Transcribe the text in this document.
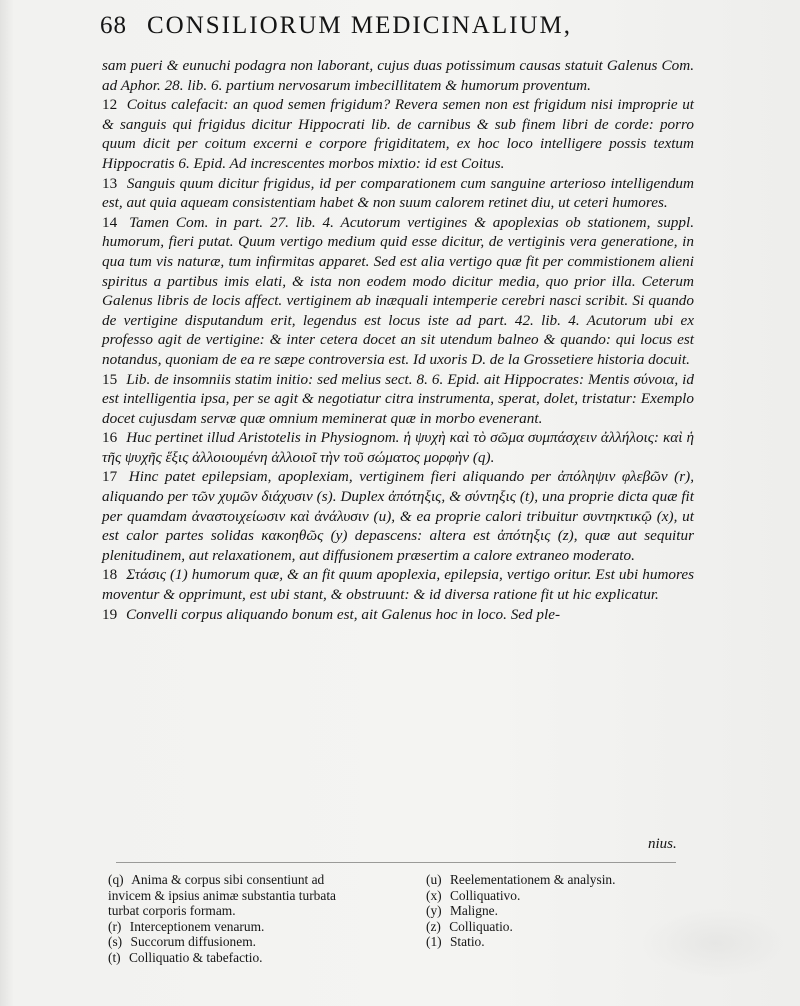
68 CONSILIORUM MEDICINALIUM,

sam pueri & eunuchi podagra non laborant, cujus duas potissimum causas statuit Galenus Com. ad Aphor. 28. lib. 6. partium nervosarum imbecillitatem & humorum proventum.

12 Coitus calefacit: an quod semen frigidum? Revera semen non est frigidum nisi improprie ut & sanguis qui frigidus dicitur Hippocrati lib. de carnibus & sub finem libri de corde: porro quum dicit per coitum excerni e corpore frigiditatem, ex hoc loco intelligere possis textum Hippocratis 6. Epid. Ad increscentes morbos mixtio: id est Coitus.

13 Sanguis quum dicitur frigidus, id per comparationem cum sanguine arterioso intelligendum est, aut quia aqueam consistentiam habet & non suum calorem retinet diu, ut ceteri humores.

14 Tamen Com. in part. 27. lib. 4. Acutorum vertigines & apoplexias ob stationem, suppl. humorum, fieri putat. Quum vertigo medium quid esse dicitur, de vertiginis vera generatione, in qua tum vis naturæ, tum infirmitas apparet. Sed est alia vertigo quæ fit per commistionem alieni spiritus a partibus imis elati, & ista non eodem modo dicitur media, quo prior illa. Ceterum Galenus libris de locis affect. vertiginem ab inæquali intemperie cerebri nasci scribit. Si quando de vertigine disputandum erit, legendus est locus iste ad part. 42. lib. 4. Acutorum ubi ex professo agit de vertigine: & inter cetera docet an sit utendum balneo & quando: qui locus est notandus, quoniam de ea re sæpe controversia est. Id uxoris D. de la Grossetiere historia docuit.

15 Lib. de insomniis statim initio: sed melius sect. 8. 6. Epid. ait Hippocrates: Mentis σύνοια, id est intelligentia ipsa, per se agit & negotiatur citra instrumenta, sperat, dolet, tristatur: Exemplo docet cujusdam servæ quæ omnium meminerat quæ in morbo evenerant.

16 Huc pertinet illud Aristotelis in Physiognom. ἡ ψυχὴ καὶ τὸ σῶμα συμπάσχειν ἀλλήλοις: καὶ ἡ τῆς ψυχῆς ἕξις ἀλλοιουμένη ἀλλοιοῖ τὴν τοῦ σώματος μορφὴν (q).

17 Hinc patet epilepsiam, apoplexiam, vertiginem fieri aliquando per ἀπόληψιν φλεβῶν (r), aliquando per τῶν χυμῶν διάχυσιν (s). Duplex ἀπότηξις, & σύντηξις (t), una proprie dicta quæ fit per quamdam ἀναστοιχείωσιν καὶ ἀνάλυσιν (u), & ea proprie calori tribuitur συντηκτικῷ (x), ut est calor partes solidas κακοηθῶς (y) depascens: altera est ἀπότηξις (z), quæ aut sequitur plenitudinem, aut relaxationem, aut diffusionem præsertim a calore extraneo moderato.

18 Στάσις (1) humorum quæ, & an fit quum apoplexia, epilepsia, vertigo oritur. Est ubi humores moventur & opprimunt, est ubi stant, & obstruunt: & id diversa ratione fit ut hic explicatur.

19 Convelli corpus aliquando bonum est, ait Galenus hoc in loco. Sed ple-

nius.

(q) Anima & corpus sibi consentiunt ad invicem & ipsius animæ substantia turbata turbat corporis formam.

(r) Interceptionem venarum.

(s) Succorum diffusionem.

(t) Colliquatio & tabefactio.

(u) Reelementationem & analysin.

(x) Colliquativo.

(y) Maligne.

(z) Colliquatio.

(1) Statio.
